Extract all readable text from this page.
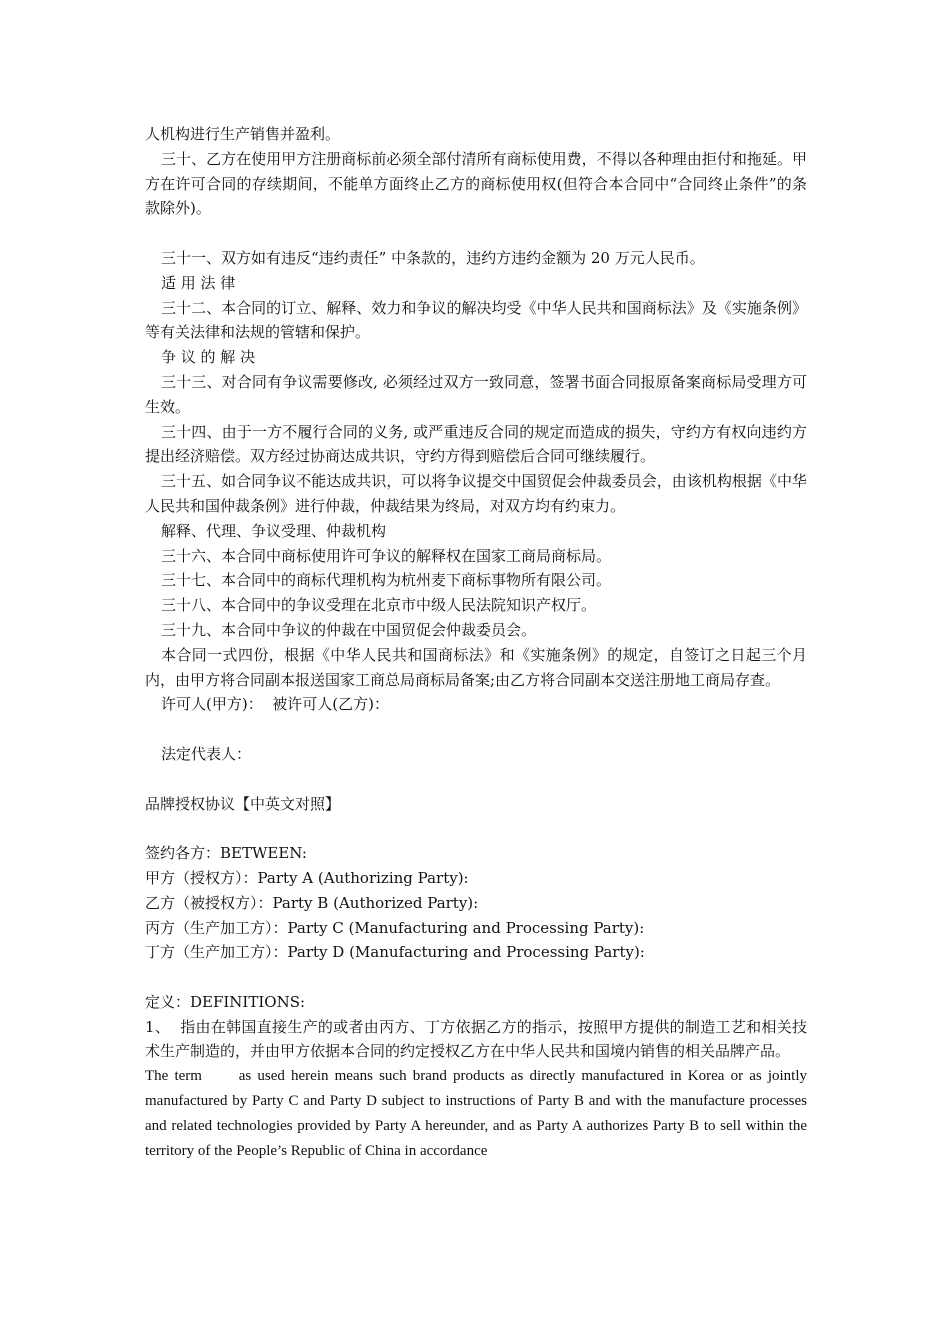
人机构进行生产销售并盈利。

三十、乙方在使用甲方注册商标前必须全部付清所有商标使用费，不得以各种理由拒付和拖延。甲方在许可合同的存续期间，不能单方面终止乙方的商标使用权(但符合本合同中“合同终止条件”的条款除外)。

三十一、双方如有违反“违约责任” 中条款的，违约方违约金额为 20 万元人民币。

适 用 法 律

三十二、本合同的订立、解释、效力和争议的解决均受《中华人民共和国商标法》及《实施条例》等有关法律和法规的管辖和保护。

争 议 的 解 决

三十三、对合同有争议需要修改, 必须经过双方一致同意，签署书面合同报原备案商标局受理方可生效。

三十四、由于一方不履行合同的义务, 或严重违反合同的规定而造成的损失，守约方有权向违约方提出经济赔偿。双方经过协商达成共识，守约方得到赔偿后合同可继续履行。

三十五、如合同争议不能达成共识，可以将争议提交中国贸促会仲裁委员会，由该机构根据《中华人民共和国仲裁条例》进行仲裁，仲裁结果为终局，对双方均有约束力。

解释、代理、争议受理、仲裁机构

三十六、本合同中商标使用许可争议的解释权在国家工商局商标局。

三十七、本合同中的商标代理机构为杭州麦下商标事物所有限公司。

三十八、本合同中的争议受理在北京市中级人民法院知识产权厅。

三十九、本合同中争议的仲裁在中国贸促会仲裁委员会。

本合同一式四份，根据《中华人民共和国商标法》和《实施条例》的规定，自签订之日起三个月内，由甲方将合同副本报送国家工商总局商标局备案;由乙方将合同副本交送注册地工商局存查。

许可人(甲方)：  被许可人(乙方)：

法定代表人：

品牌授权协议【中英文对照】

签约各方：BETWEEN:

甲方（授权方）：Party A (Authorizing Party):

乙方（被授权方）：Party B (Authorized Party):

丙方（生产加工方）：Party C (Manufacturing and Processing Party):

丁方（生产加工方）：Party D (Manufacturing and Processing Party):

定义：DEFINITIONS:

1、  指由在韩国直接生产的或者由丙方、丁方依据乙方的指示，按照甲方提供的制造工艺和相关技术生产制造的，并由甲方依据本合同的约定授权乙方在中华人民共和国境内销售的相关品牌产品。

The term      as used herein means such brand products as directly manufactured in Korea or as jointly manufactured by Party C and Party D subject to instructions of Party B and with the manufacture processes and related technologies provided by Party A hereunder, and as Party A authorizes Party B to sell within the territory of the People’s Republic of China in accordance
